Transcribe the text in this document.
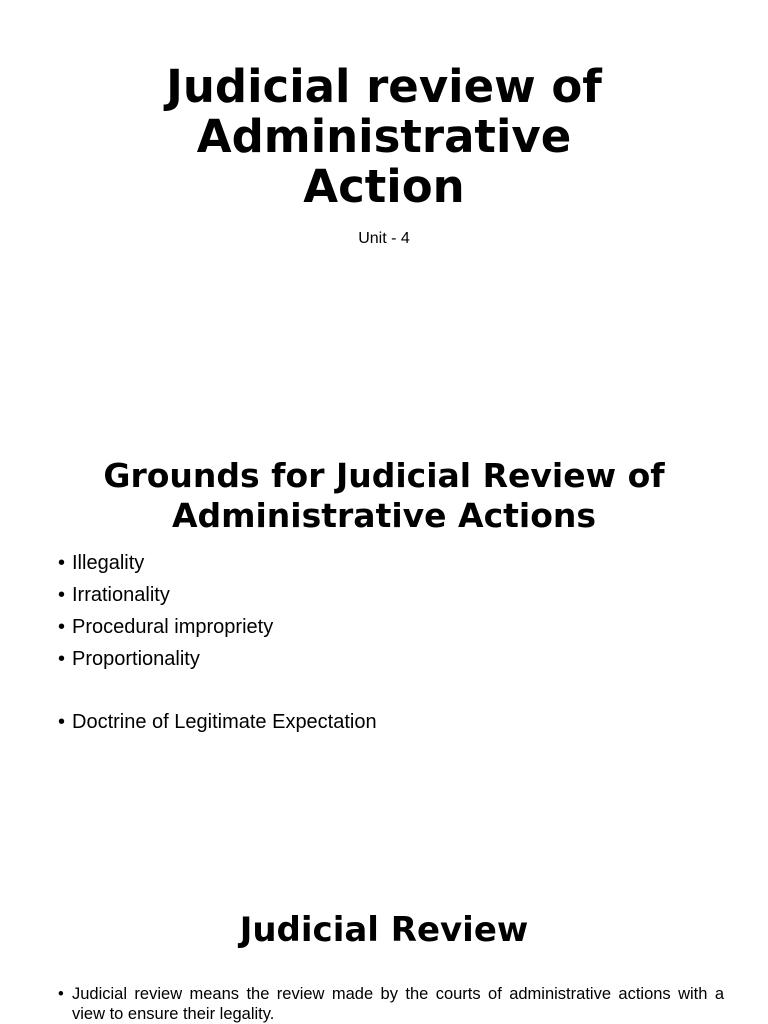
Judicial review of
Administrative
Action

Unit - 4

Grounds for Judicial Review of
Administrative Actions
• Illegality
• Irrationality
• Procedural impropriety
• Proportionality
• Doctrine of Legitimate Expectation
Judicial Review

• Judicial review means the review made by the courts of administrative actions with a view to ensure their legality.
